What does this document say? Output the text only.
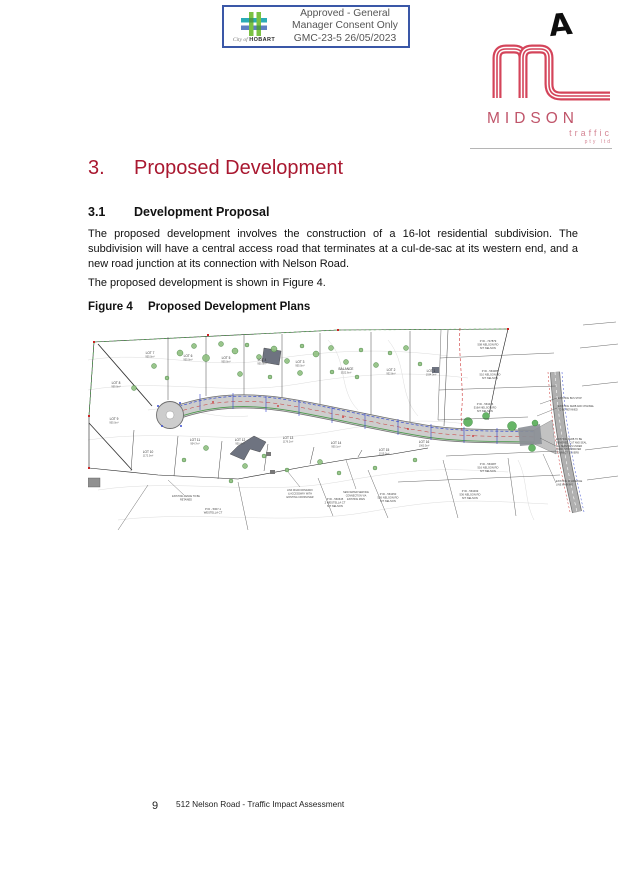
City of HOBART
Approved - General
Manager Consent Only
GMC-23-5 26/05/2023	A
MIDSON
traffic
pty ltd
3.	Proposed Development
3.1	Development Proposal
The proposed development involves the construction of a 16-lot residential subdivision. The subdivision will have a central access road that terminates at a cul-de-sac at its western end, and a new road junction at its connection with Nelson Road.
The proposed development is shown in Figure 4.
Figure 4	Proposed Development Plans
LOT 7
955.0m²	LOT 6
955.0m²
LOT 5
955.0m²
LOT 4
955.0m²
LOT 3
955.0m²
BALANCE
3522.6m²
LOT 2
952.8m²
LOT 1
1034.0m²
LOT 8
955.0m²
LOT 9
955.0m²
LOT 10
1172.0m²
LOT 11
954.7m²
LOT 12
950.4m²
LOT 13
1176.2m²	LOT 14
955.1m²
LOT 15
1015.2m²
LOT 16
1063.5m²
P ID - 747879
508 NELSON RD
MT NELSON
P ID - 563085
510 NELSON RD
MT NELSON
P ID - 563436
516A NELSON RD
MT NELSON
P ID - 563087
516 NELSON RD
MT NELSON
P ID - 563499
536 NELSON RD
MT NELSON
P ID - 563450
526 NELSON RD
MT NELSON
P ID - 560645
2 WESTELLA CT
MT NELSON
P ID - 5007-1
WESTELLA CT
EXISTING BUS STOP
EXISTING KERB AND CHANNEL
TO BE RETAINED
EXISTING KERB TO BE
REMOVED, CUT AND SEAL
ALL SERVICES UNDER
ROAD, STORMWATER
CONNECT TO KERB
EXISTING ROAD EDGE
LINE MARKING
EXISTING FENCE TO BE
RETAINED
LINK ROAD DRIVEWAY
& ACCESSWAY WITH
EXISTING CROSSOVER
NEW WATER SERVICE
CONNECTION VIA
EXISTING MAIN
9 512 Nelson Road - Traffic Impact Assessment
